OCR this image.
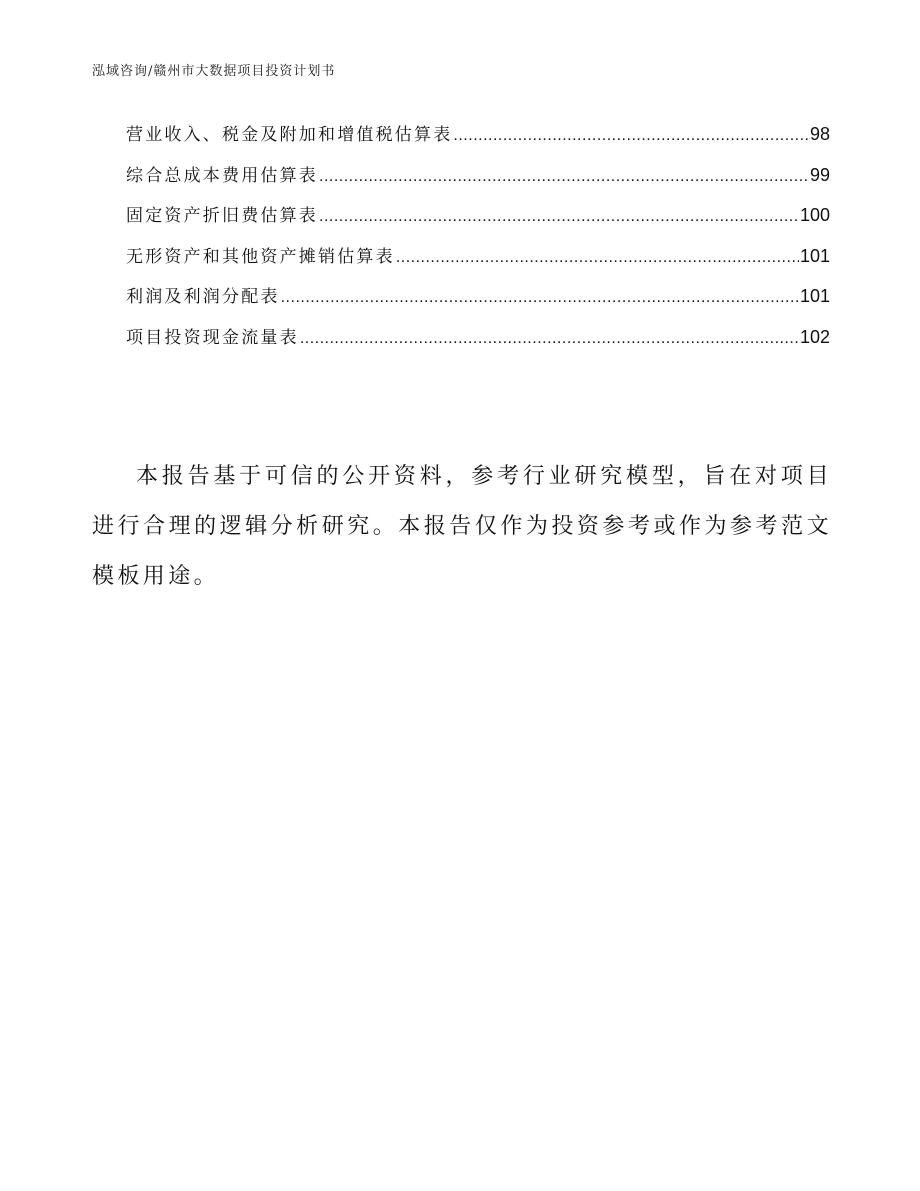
泓域咨询/赣州市大数据项目投资计划书
营业收入、税金及附加和增值税估算表 .....	98
综合总成本费用估算表 .....	99
固定资产折旧费估算表 .....	100
无形资产和其他资产摊销估算表 .....	101
利润及利润分配表 .....	101
项目投资现金流量表 .....	102

本报告基于可信的公开资料，参考行业研究模型，旨在对项目进行合理的逻辑分析研究。本报告仅作为投资参考或作为参考范文模板用途。
